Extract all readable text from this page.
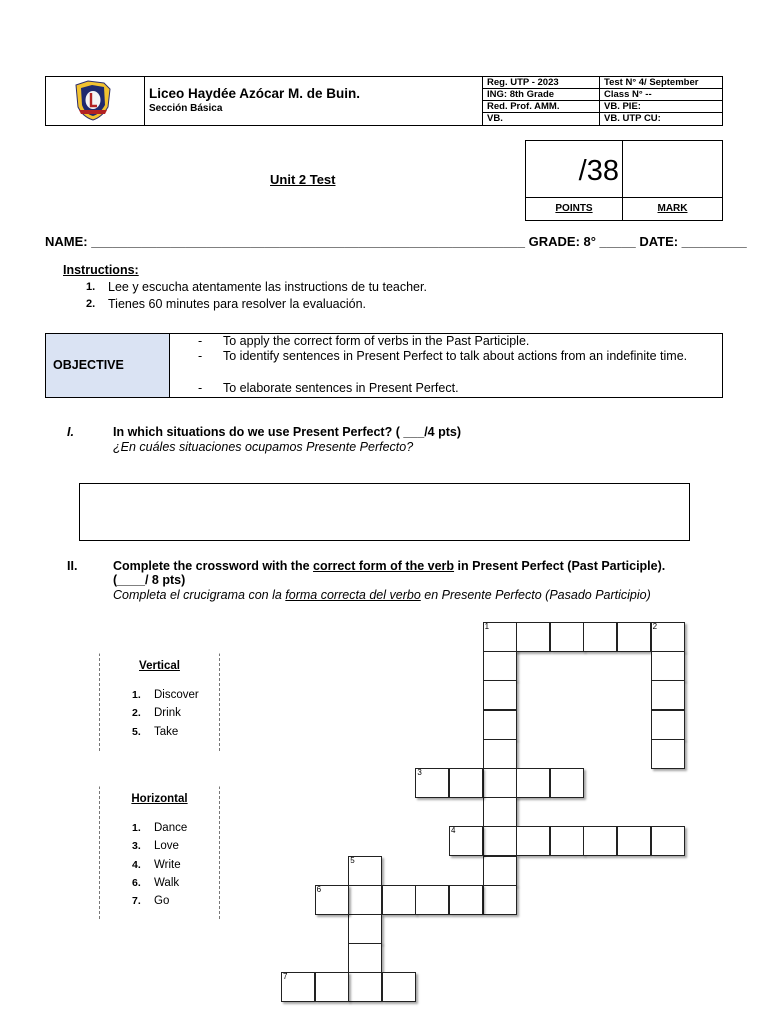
Liceo Haydée Azócar M. de Buin.
Sección Básica
Reg. UTP - 2023	Test N° 4/ September
ING: 8th Grade	Class N° --
Red. Prof. AMM.	VB. PIE:
VB.	VB. UTP CU:
/38
POINTS	MARK
Unit 2 Test
NAME: ____________________________________________________________ GRADE: 8° _____ DATE: _________
Instructions:
1. Lee y escucha atentamente las instructions de tu teacher.
2. Tienes 60 minutes para resolver la evaluación.
OBJECTIVE
- To apply the correct form of verbs in the Past Participle.
- To identify sentences in Present Perfect to talk about actions from an indefinite time.
- To elaborate sentences in Present Perfect.
I.	In which situations do we use Present Perfect? ( ___/4 pts)
¿En cuáles situaciones ocupamos Presente Perfecto?
II.	Complete the crossword with the correct form of the verb in Present Perfect (Past Participle).
(____/ 8 pts)
Completa el crucigrama con la forma correcta del verbo en Presente Perfecto (Pasado Participio)
Vertical
1. Discover
2. Drink
5. Take
Horizontal
1. Dance
3. Love
4. Write
6. Walk
7. Go
1	2
3
4
5
6
7
